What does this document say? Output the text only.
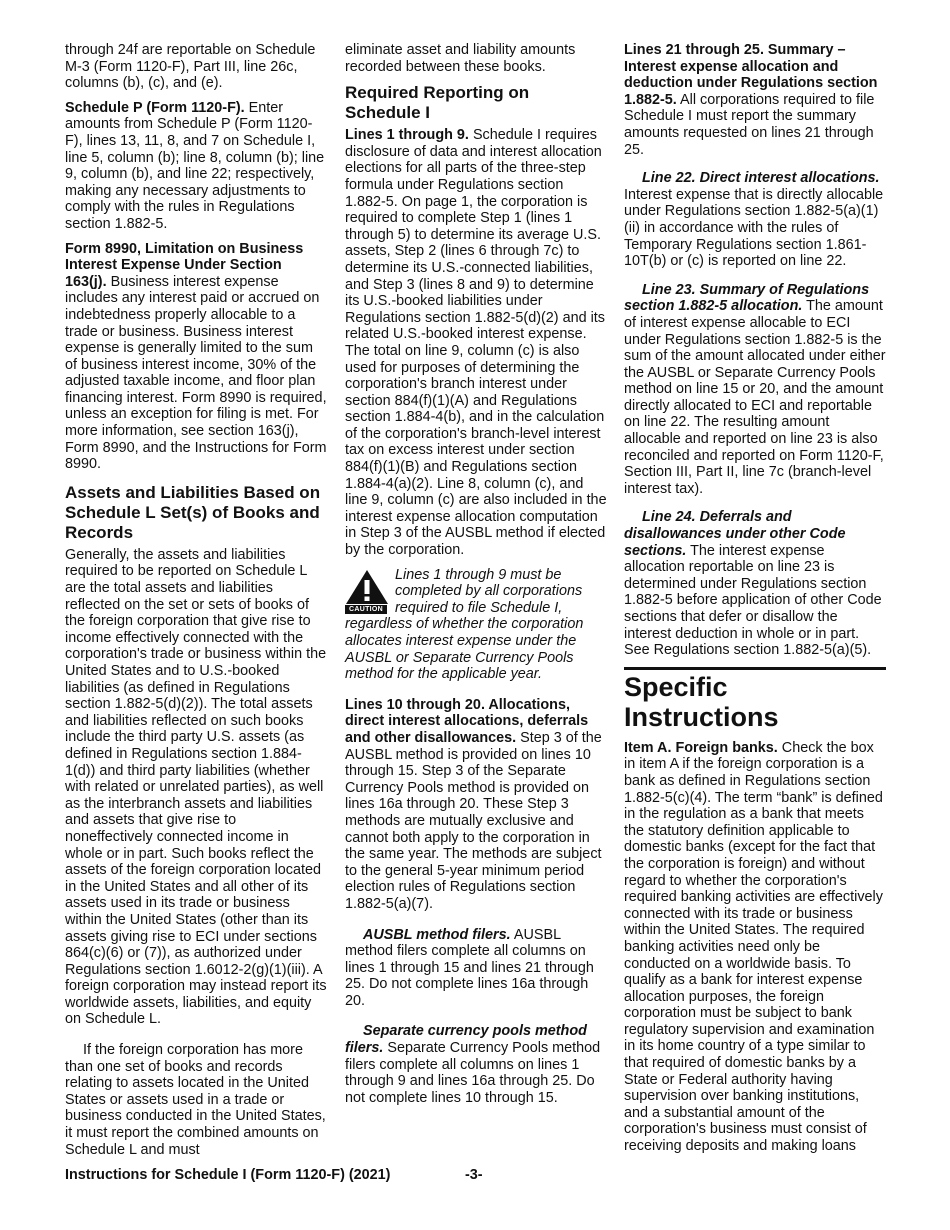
through 24f are reportable on Schedule M-3 (Form 1120-F), Part III, line 26c, columns (b), (c), and (e).

Schedule P (Form 1120-F). Enter amounts from Schedule P (Form 1120-F), lines 13, 11, 8, and 7 on Schedule I, line 5, column (b); line 8, column (b); line 9, column (b), and line 22; respectively, making any necessary adjustments to comply with the rules in Regulations section 1.882-5.

Form 8990, Limitation on Business Interest Expense Under Section 163(j). Business interest expense includes any interest paid or accrued on indebtedness properly allocable to a trade or business. Business interest expense is generally limited to the sum of business interest income, 30% of the adjusted taxable income, and floor plan financing interest. Form 8990 is required, unless an exception for filing is met. For more information, see section 163(j), Form 8990, and the Instructions for Form 8990.

Assets and Liabilities Based on Schedule L Set(s) of Books and Records

Generally, the assets and liabilities required to be reported on Schedule L are the total assets and liabilities reflected on the set or sets of books of the foreign corporation that give rise to income effectively connected with the corporation's trade or business within the United States and to U.S.-booked liabilities (as defined in Regulations section 1.882-5(d)(2)). The total assets and liabilities reflected on such books include the third party U.S. assets (as defined in Regulations section 1.884-1(d)) and third party liabilities (whether with related or unrelated parties), as well as the interbranch assets and liabilities and assets that give rise to noneffectively connected income in whole or in part. Such books reflect the assets of the foreign corporation located in the United States and all other of its assets used in its trade or business within the United States (other than its assets giving rise to ECI under sections 864(c)(6) or (7)), as authorized under Regulations section 1.6012-2(g)(1)(iii). A foreign corporation may instead report its worldwide assets, liabilities, and equity on Schedule L.

If the foreign corporation has more than one set of books and records relating to assets located in the United States or assets used in a trade or business conducted in the United States, it must report the combined amounts on Schedule L and must

eliminate asset and liability amounts recorded between these books.

Required Reporting on Schedule I

Lines 1 through 9. Schedule I requires disclosure of data and interest allocation elections for all parts of the three-step formula under Regulations section 1.882-5. On page 1, the corporation is required to complete Step 1 (lines 1 through 5) to determine its average U.S. assets, Step 2 (lines 6 through 7c) to determine its U.S.-connected liabilities, and Step 3 (lines 8 and 9) to determine its U.S.-booked liabilities under Regulations section 1.882-5(d)(2) and its related U.S.-booked interest expense. The total on line 9, column (c) is also used for purposes of determining the corporation's branch interest under section 884(f)(1)(A) and Regulations section 1.884-4(b), and in the calculation of the corporation's branch-level interest tax on excess interest under section 884(f)(1)(B) and Regulations section 1.884-4(a)(2). Line 8, column (c), and line 9, column (c) are also included in the interest expense allocation computation in Step 3 of the AUSBL method if elected by the corporation.

CAUTION
Lines 1 through 9 must be completed by all corporations required to file Schedule I, regardless of whether the corporation allocates interest expense under the AUSBL or Separate Currency Pools method for the applicable year.

Lines 10 through 20. Allocations, direct interest allocations, deferrals and other disallowances. Step 3 of the AUSBL method is provided on lines 10 through 15. Step 3 of the Separate Currency Pools method is provided on lines 16a through 20. These Step 3 methods are mutually exclusive and cannot both apply to the corporation in the same year. The methods are subject to the general 5-year minimum period election rules of Regulations section 1.882-5(a)(7).

AUSBL method filers. AUSBL method filers complete all columns on lines 1 through 15 and lines 21 through 25. Do not complete lines 16a through 20.

Separate currency pools method filers. Separate Currency Pools method filers complete all columns on lines 1 through 9 and lines 16a through 25. Do not complete lines 10 through 15.

Lines 21 through 25. Summary – Interest expense allocation and deduction under Regulations section 1.882-5. All corporations required to file Schedule I must report the summary amounts requested on lines 21 through 25.

Line 22. Direct interest allocations. Interest expense that is directly allocable under Regulations section 1.882-5(a)(1)(ii) in accordance with the rules of Temporary Regulations section 1.861-10T(b) or (c) is reported on line 22.

Line 23. Summary of Regulations section 1.882-5 allocation. The amount of interest expense allocable to ECI under Regulations section 1.882-5 is the sum of the amount allocated under either the AUSBL or Separate Currency Pools method on line 15 or 20, and the amount directly allocated to ECI and reportable on line 22. The resulting amount allocable and reported on line 23 is also reconciled and reported on Form 1120-F, Section III, Part II, line 7c (branch-level interest tax).

Line 24. Deferrals and disallowances under other Code sections. The interest expense allocation reportable on line 23 is determined under Regulations section 1.882-5 before application of other Code sections that defer or disallow the interest deduction in whole or in part. See Regulations section 1.882-5(a)(5).

Specific Instructions

Item A. Foreign banks. Check the box in item A if the foreign corporation is a bank as defined in Regulations section 1.882-5(c)(4). The term “bank” is defined in the regulation as a bank that meets the statutory definition applicable to domestic banks (except for the fact that the corporation is foreign) and without regard to whether the corporation's required banking activities are effectively connected with its trade or business within the United States. The required banking activities need only be conducted on a worldwide basis. To qualify as a bank for interest expense allocation purposes, the foreign corporation must be subject to bank regulatory supervision and examination in its home country of a type similar to that required of domestic banks by a State or Federal authority having supervision over banking institutions, and a substantial amount of the corporation's business must consist of receiving deposits and making loans

Instructions for Schedule I (Form 1120-F) (2021)	-3-
